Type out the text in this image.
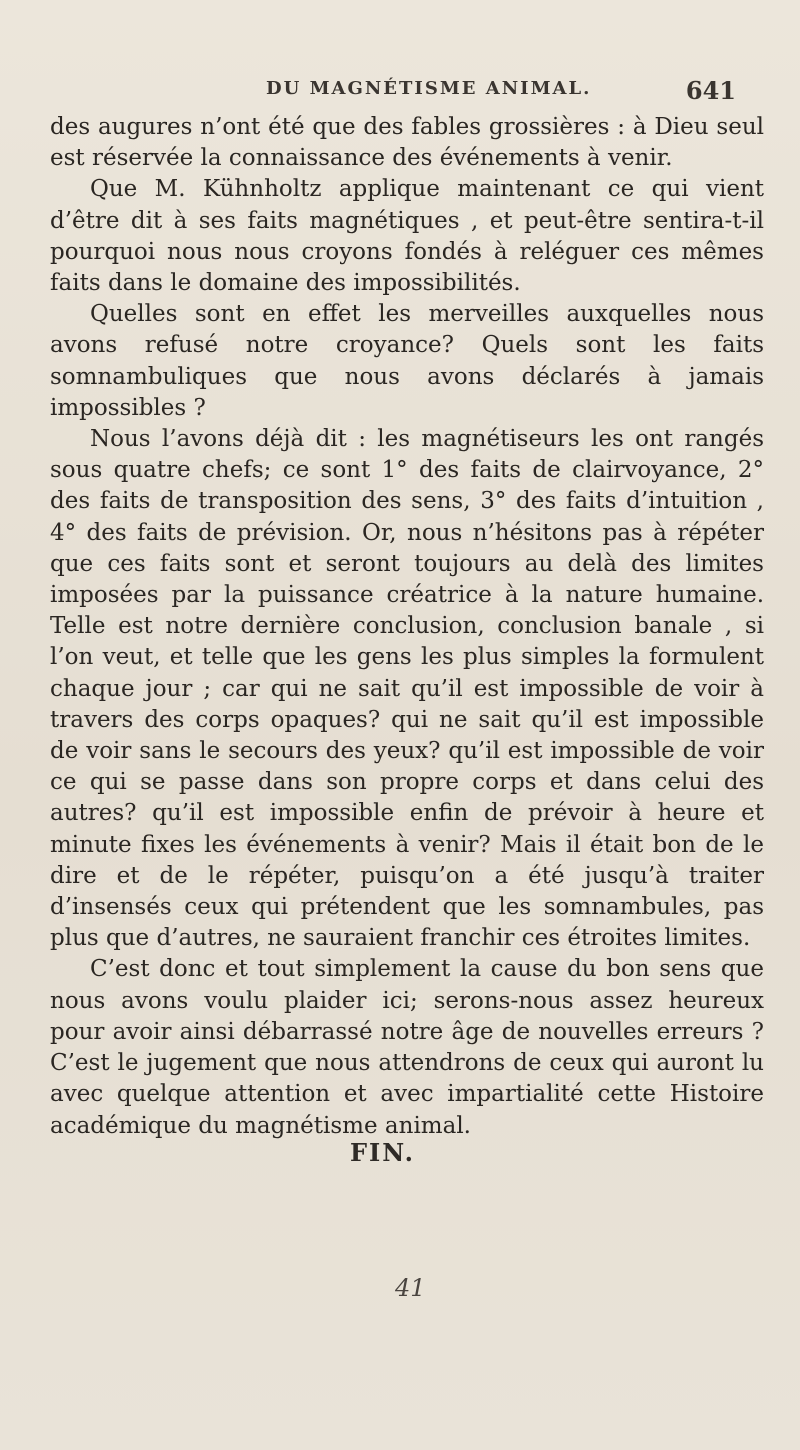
DU MAGNÉTISME ANIMAL.	641

des augures n’ont été que des fables grossières : à Dieu seul est réservée la connaissance des événements à venir.

Que M. Kühnholtz applique maintenant ce qui vient d’être dit à ses faits magnétiques , et peut-être sentira-t-il pourquoi nous nous croyons fondés à reléguer ces mêmes faits dans le domaine des impossibilités.

Quelles sont en effet les merveilles auxquelles nous avons refusé notre croyance? Quels sont les faits somnambuliques que nous avons déclarés à jamais impossibles ?

Nous l’avons déjà dit : les magnétiseurs les ont rangés sous quatre chefs; ce sont 1° des faits de clairvoyance, 2° des faits de transposition des sens, 3° des faits d’intuition , 4° des faits de prévision. Or, nous n’hésitons pas à répéter que ces faits sont et seront toujours au delà des limites imposées par la puissance créatrice à la nature humaine. Telle est notre dernière conclusion, conclusion banale , si l’on veut, et telle que les gens les plus simples la formulent chaque jour ; car qui ne sait qu’il est impossible de voir à travers des corps opaques? qui ne sait qu’il est impossible de voir sans le secours des yeux? qu’il est impossible de voir ce qui se passe dans son propre corps et dans celui des autres? qu’il est impossible enfin de prévoir à heure et minute fixes les événements à venir? Mais il était bon de le dire et de le répéter, puisqu’on a été jusqu’à traiter d’insensés ceux qui prétendent que les somnambules, pas plus que d’autres, ne sauraient franchir ces étroites limites.

C’est donc et tout simplement la cause du bon sens que nous avons voulu plaider ici; serons-nous assez heureux pour avoir ainsi débarrassé notre âge de nouvelles erreurs ? C’est le jugement que nous attendrons de ceux qui auront lu avec quelque attention et avec impartialité cette Histoire académique du magnétisme animal.

FIN.
41
